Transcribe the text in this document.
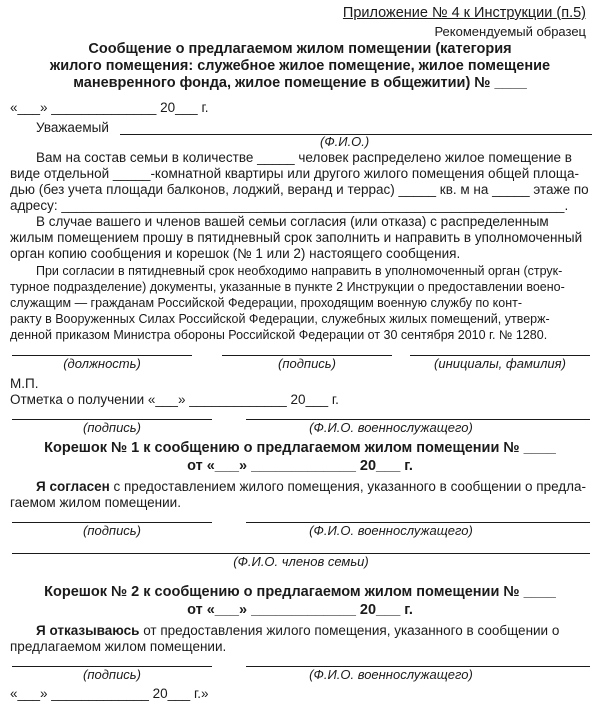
Приложение № 4 к Инструкции (п.5)
Рекомендуемый образец
Сообщение о предлагаемом жилом помещении (категория
жилого помещения: служебное жилое помещение, жилое помещение
маневренного фонда, жилое помещение в общежитии) № ____
«___» ______________ 20___ г.
Уважаемый
(Ф.И.О.)
Вам на состав семьи в количестве _____ человек распределено жилое помещение в
виде отдельной _____-комнатной квартиры или другого жилого помещения общей площа-
дью (без учета площади балконов, лоджий, веранд и террас) _____ кв. м на _____ этаже по
адресу: ___________________________________________________________________.
В случае вашего и членов вашей семьи согласия (или отказа) с распределенным
жилым помещением прошу в пятидневный срок заполнить и направить в уполномоченный
орган копию сообщения и корешок (№ 1 или 2) настоящего сообщения.
При согласии в пятидневный срок необходимо направить в уполномоченный орган (струк-
турное подразделение) документы, указанные в пункте 2 Инструкции о предоставлении воено-
служащим — гражданам Российской Федерации, проходящим военную службу по конт-
ракту в Вооруженных Силах Российской Федерации, служебных жилых помещений, утверж-
денной приказом Министра обороны Российской Федерации от 30 сентября 2010 г. № 1280.
(должность)	(подпись)	(инициалы, фамилия)
М.П.
Отметка о получении «___» _____________ 20___ г.
(подпись)	(Ф.И.О. военнослужащего)
Корешок № 1 к сообщению о предлагаемом жилом помещении № ____
от «___» _____________ 20___ г.
Я согласен с предоставлением жилого помещения, указанного в сообщении о предла-
гаемом жилом помещении.
(подпись)	(Ф.И.О. военнослужащего)
(Ф.И.О. членов семьи)
Корешок № 2 к сообщению о предлагаемом жилом помещении № ____
от «___» _____________ 20___ г.
Я отказываюсь от предоставления жилого помещения, указанного в сообщении о
предлагаемом жилом помещении.
(подпись)	(Ф.И.О. военнослужащего)
«___» _____________ 20___ г.»
